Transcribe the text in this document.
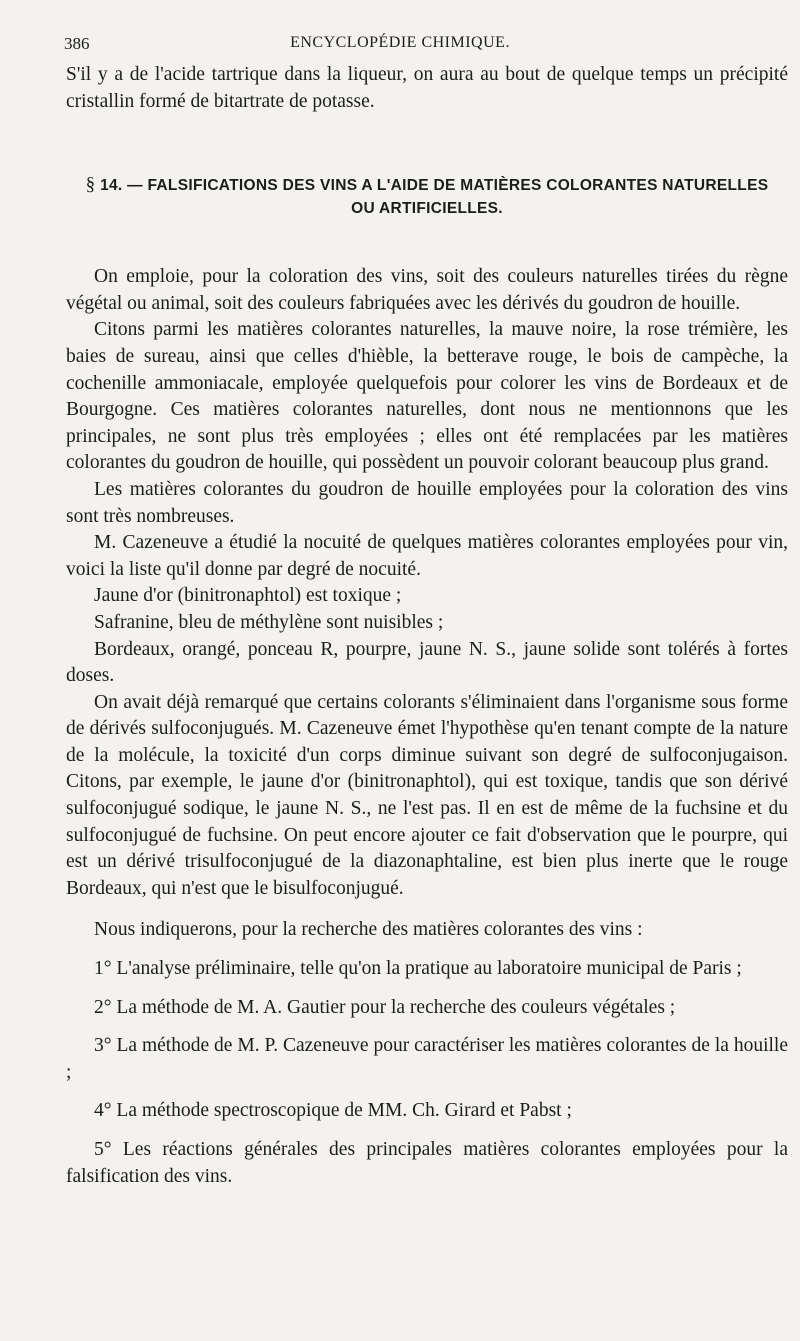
386	ENCYCLOPÉDIE CHIMIQUE.

S'il y a de l'acide tartrique dans la liqueur, on aura au bout de quelque temps un précipité cristallin formé de bitartrate de potasse.

§ 14. — FALSIFICATIONS DES VINS A L'AIDE DE MATIÈRES COLORANTES NATURELLES
OU ARTIFICIELLES.

On emploie, pour la coloration des vins, soit des couleurs naturelles tirées du règne végétal ou animal, soit des couleurs fabriquées avec les dérivés du goudron de houille.

Citons parmi les matières colorantes naturelles, la mauve noire, la rose trémière, les baies de sureau, ainsi que celles d'hièble, la betterave rouge, le bois de campèche, la cochenille ammoniacale, employée quelquefois pour colorer les vins de Bordeaux et de Bourgogne. Ces matières colorantes naturelles, dont nous ne mentionnons que les principales, ne sont plus très employées ; elles ont été remplacées par les matières colorantes du goudron de houille, qui possèdent un pouvoir colorant beaucoup plus grand.

Les matières colorantes du goudron de houille employées pour la coloration des vins sont très nombreuses.

M. Cazeneuve a étudié la nocuité de quelques matières colorantes employées pour vin, voici la liste qu'il donne par degré de nocuité.

Jaune d'or (binitronaphtol) est toxique ;

Safranine, bleu de méthylène sont nuisibles ;

Bordeaux, orangé, ponceau R, pourpre, jaune N. S., jaune solide sont tolérés à fortes doses.

On avait déjà remarqué que certains colorants s'éliminaient dans l'organisme sous forme de dérivés sulfoconjugués. M. Cazeneuve émet l'hypothèse qu'en tenant compte de la nature de la molécule, la toxicité d'un corps diminue suivant son degré de sulfoconjugaison. Citons, par exemple, le jaune d'or (binitronaphtol), qui est toxique, tandis que son dérivé sulfoconjugué sodique, le jaune N. S., ne l'est pas. Il en est de même de la fuchsine et du sulfoconjugué de fuchsine. On peut encore ajouter ce fait d'observation que le pourpre, qui est un dérivé trisulfoconjugué de la diazonaphtaline, est bien plus inerte que le rouge Bordeaux, qui n'est que le bisulfoconjugué.

Nous indiquerons, pour la recherche des matières colorantes des vins :

1° L'analyse préliminaire, telle qu'on la pratique au laboratoire municipal de Paris ;

2° La méthode de M. A. Gautier pour la recherche des couleurs végétales ;

3° La méthode de M. P. Cazeneuve pour caractériser les matières colorantes de la houille ;

4° La méthode spectroscopique de MM. Ch. Girard et Pabst ;

5° Les réactions générales des principales matières colorantes employées pour la falsification des vins.
